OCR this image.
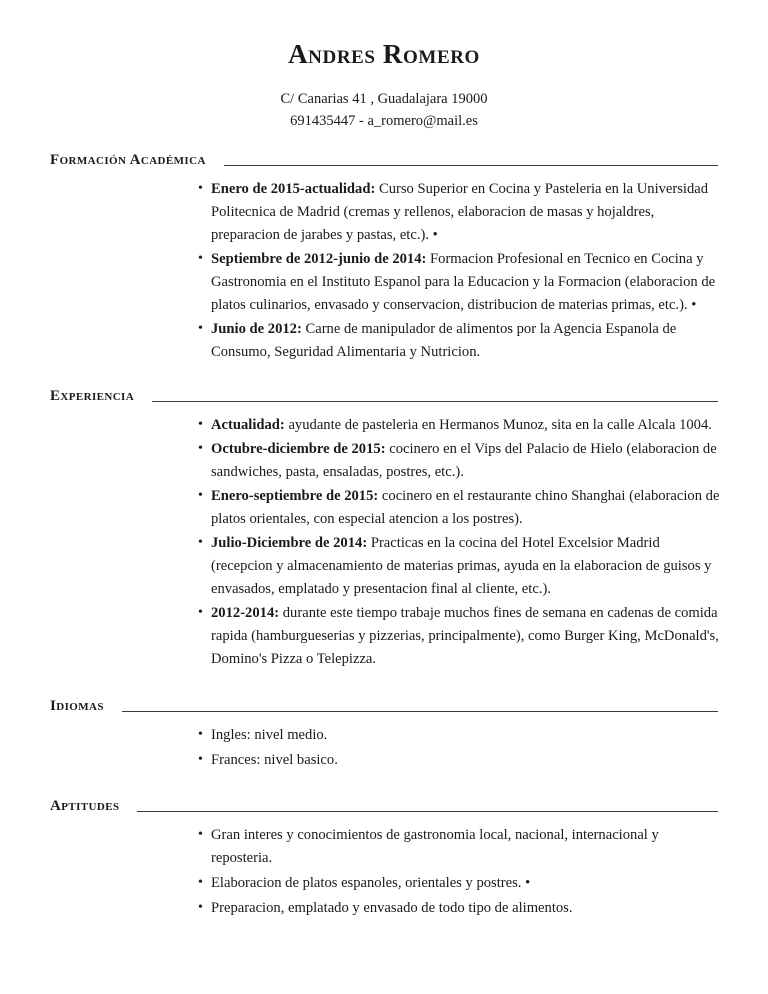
Andres Romero
C/ Canarias 41 , Guadalajara 19000
691435447 - a_romero@mail.es
Formación Académica
• Enero de 2015-actualidad: Curso Superior en Cocina y Pasteleria en la Universidad Politecnica de Madrid (cremas y rellenos, elaboracion de masas y hojaldres, preparacion de jarabes y pastas, etc.). •
• Septiembre de 2012-junio de 2014: Formacion Profesional en Tecnico en Cocina y Gastronomia en el Instituto Espanol para la Educacion y la Formacion (elaboracion de platos culinarios, envasado y conservacion, distribucion de materias primas, etc.). •
• Junio de 2012: Carne de manipulador de alimentos por la Agencia Espanola de Consumo, Seguridad Alimentaria y Nutricion.
Experiencia
• Actualidad: ayudante de pasteleria en Hermanos Munoz, sita en la calle Alcala 1004.
• Octubre-diciembre de 2015: cocinero en el Vips del Palacio de Hielo (elaboracion de sandwiches, pasta, ensaladas, postres, etc.).
• Enero-septiembre de 2015: cocinero en el restaurante chino Shanghai (elaboracion de platos orientales, con especial atencion a los postres).
• Julio-Diciembre de 2014: Practicas en la cocina del Hotel Excelsior Madrid (recepcion y almacenamiento de materias primas, ayuda en la elaboracion de guisos y envasados, emplatado y presentacion final al cliente, etc.).
• 2012-2014: durante este tiempo trabaje muchos fines de semana en cadenas de comida rapida (hamburgueserias y pizzerias, principalmente), como Burger King, McDonald's, Domino's Pizza o Telepizza.
Idiomas
• Ingles: nivel medio.
• Frances: nivel basico.
Aptitudes
• Gran interes y conocimientos de gastronomia local, nacional, internacional y reposteria.
• Elaboracion de platos espanoles, orientales y postres. •
• Preparacion, emplatado y envasado de todo tipo de alimentos.
